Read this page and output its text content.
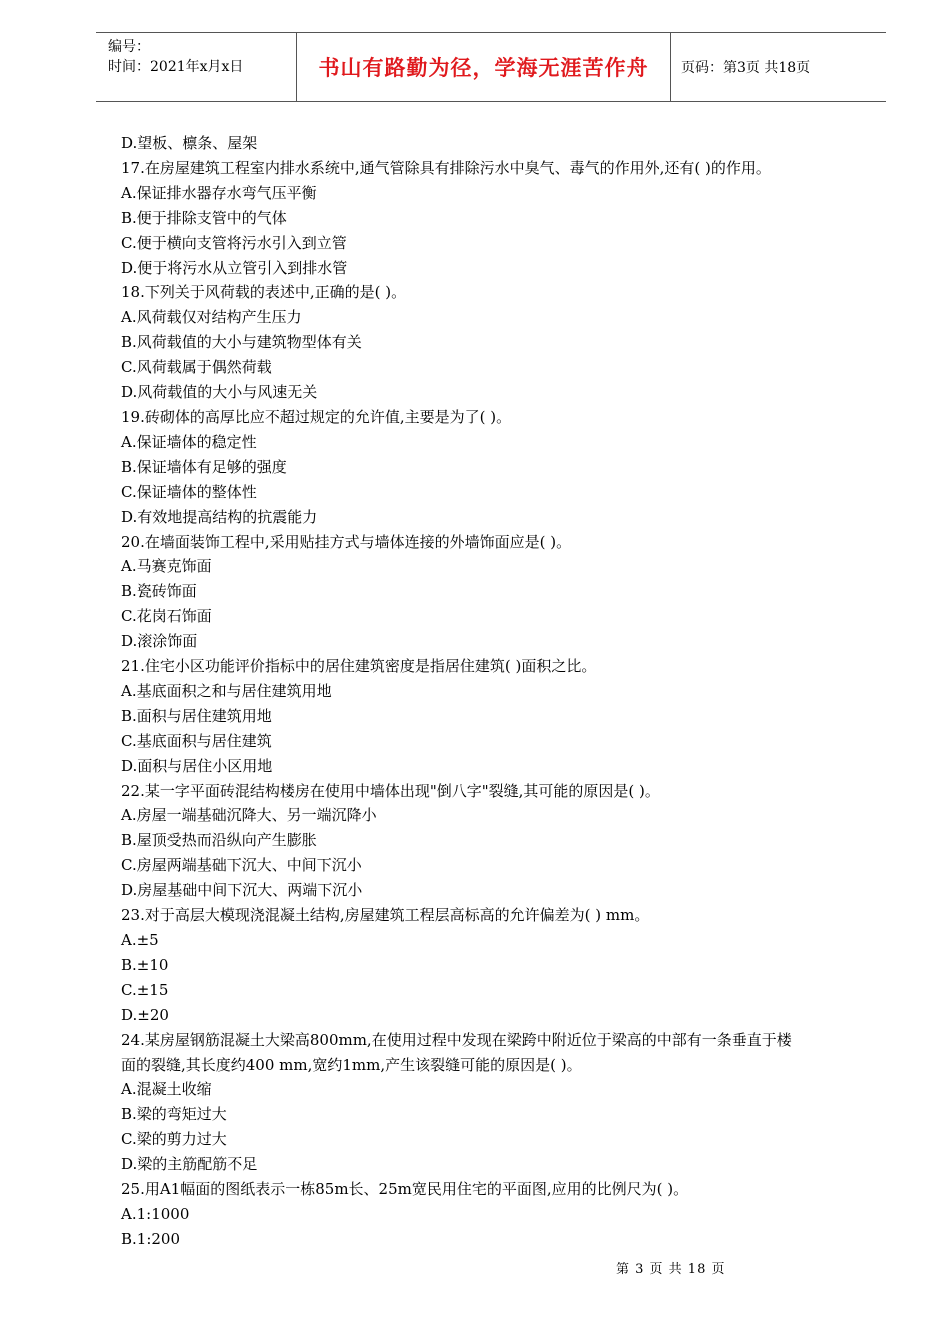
编号：
时间：2021年x月x日	书山有路勤为径，学海无涯苦作舟	页码：第3页 共18页
D.望板、檩条、屋架
17.在房屋建筑工程室内排水系统中,通气管除具有排除污水中臭气、毒气的作用外,还有( )的作用。
A.保证排水器存水弯气压平衡
B.便于排除支管中的气体
C.便于横向支管将污水引入到立管
D.便于将污水从立管引入到排水管
18.下列关于风荷载的表述中,正确的是( )。
A.风荷载仅对结构产生压力
B.风荷载值的大小与建筑物型体有关
C.风荷载属于偶然荷载
D.风荷载值的大小与风速无关
19.砖砌体的高厚比应不超过规定的允许值,主要是为了( )。
A.保证墙体的稳定性
B.保证墙体有足够的强度
C.保证墙体的整体性
D.有效地提高结构的抗震能力
20.在墙面装饰工程中,采用贴挂方式与墙体连接的外墙饰面应是( )。
A.马赛克饰面
B.瓷砖饰面
C.花岗石饰面
D.滚涂饰面
21.住宅小区功能评价指标中的居住建筑密度是指居住建筑( )面积之比。
A.基底面积之和与居住建筑用地
B.面积与居住建筑用地
C.基底面积与居住建筑
D.面积与居住小区用地
22.某一字平面砖混结构楼房在使用中墙体出现"倒八字"裂缝,其可能的原因是( )。
A.房屋一端基础沉降大、另一端沉降小
B.屋顶受热而沿纵向产生膨胀
C.房屋两端基础下沉大、中间下沉小
D.房屋基础中间下沉大、两端下沉小
23.对于高层大模现浇混凝土结构,房屋建筑工程层高标高的允许偏差为( ) mm。
A.±5
B.±10
C.±15
D.±20
24.某房屋钢筋混凝土大梁高800mm,在使用过程中发现在梁跨中附近位于梁高的中部有一条垂直于楼
面的裂缝,其长度约400 mm,宽约1mm,产生该裂缝可能的原因是( )。
A.混凝土收缩
B.梁的弯矩过大
C.梁的剪力过大
D.梁的主筋配筋不足
25.用A1幅面的图纸表示一栋85m长、25m宽民用住宅的平面图,应用的比例尺为( )。
A.1:1000
B.1:200
第 3 页 共 18 页
